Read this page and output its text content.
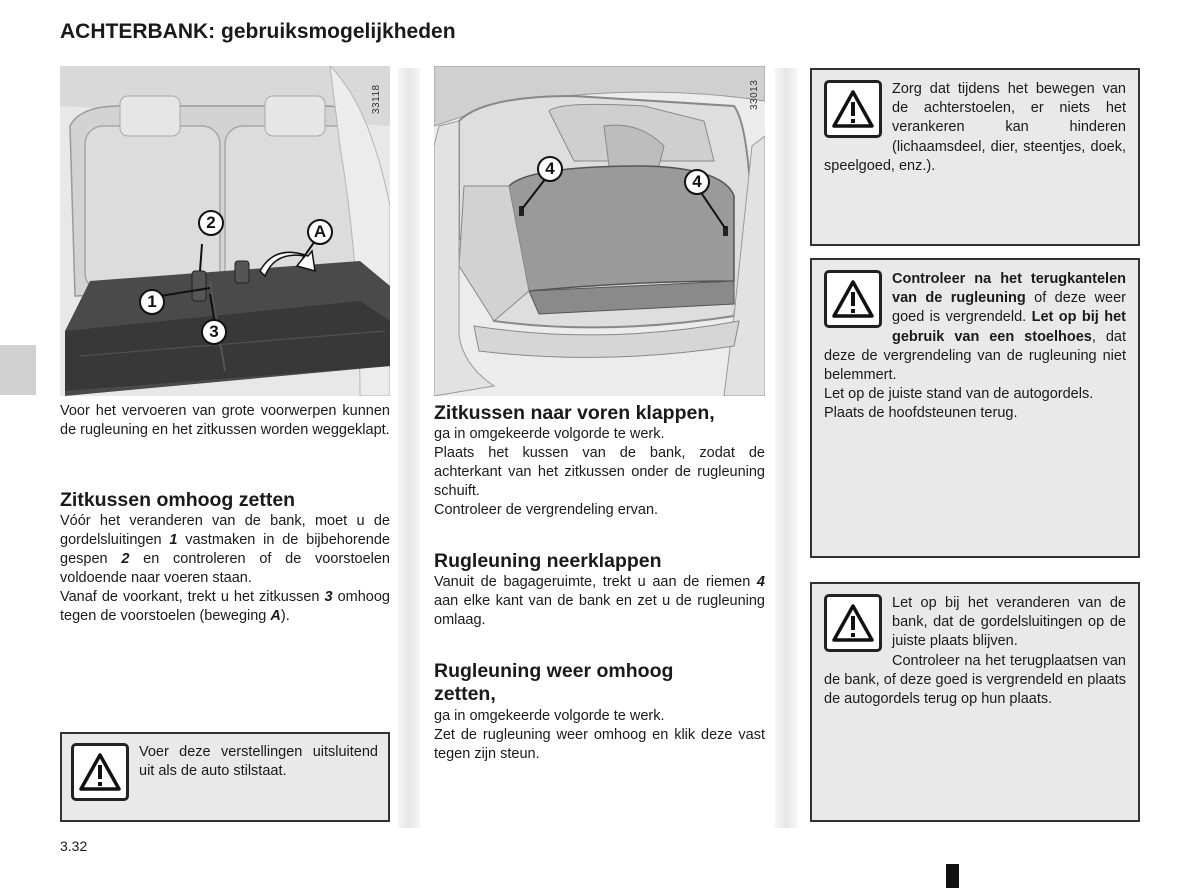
ACHTERBANK: gebruiksmogelijkheden
33118
2	A
1
3
33013
4
4

Voor het vervoeren van grote voorwerpen kunnen de rugleuning en het zitkussen worden weggeklapt.

Zitkussen omhoog zetten

Vóór het veranderen van de bank, moet u de gordelsluitingen 1 vastmaken in de bijbehorende gespen 2 en controleren of de voorstoelen voldoende naar voeren staan.

Vanaf de voorkant, trekt u het zitkussen 3 omhoog tegen de voorstoelen (beweging A).

Voer deze verstellingen uitsluitend uit als de auto stilstaat.

Zitkussen naar voren klappen,

ga in omgekeerde volgorde te werk.

Plaats het kussen van de bank, zodat de achterkant van het zitkussen onder de rugleuning schuift.

Controleer de vergrendeling ervan.

Rugleuning neerklappen

Vanuit de bagageruimte, trekt u aan de riemen 4 aan elke kant van de bank en zet u de rugleuning omlaag.

Rugleuning weer omhoog zetten,

ga in omgekeerde volgorde te werk.

Zet de rugleuning weer omhoog en klik deze vast tegen zijn steun.

Zorg dat tijdens het bewegen van de achterstoelen, er niets het verankeren kan hinderen (lichaamsdeel, dier, steentjes, doek, speelgoed, enz.).

Controleer na het terugkantelen van de rugleuning of deze weer goed is vergrendeld. Let op bij het gebruik van een stoelhoes, dat deze de vergrendeling van de rugleuning niet belemmert.

Let op de juiste stand van de autogordels.

Plaats de hoofdsteunen terug.

Let op bij het veranderen van de bank, dat de gordelsluitingen op de juiste plaats blijven.

Controleer na het terugplaatsen van de bank, of deze goed is vergrendeld en plaats de autogordels terug op hun plaats.

3.32
